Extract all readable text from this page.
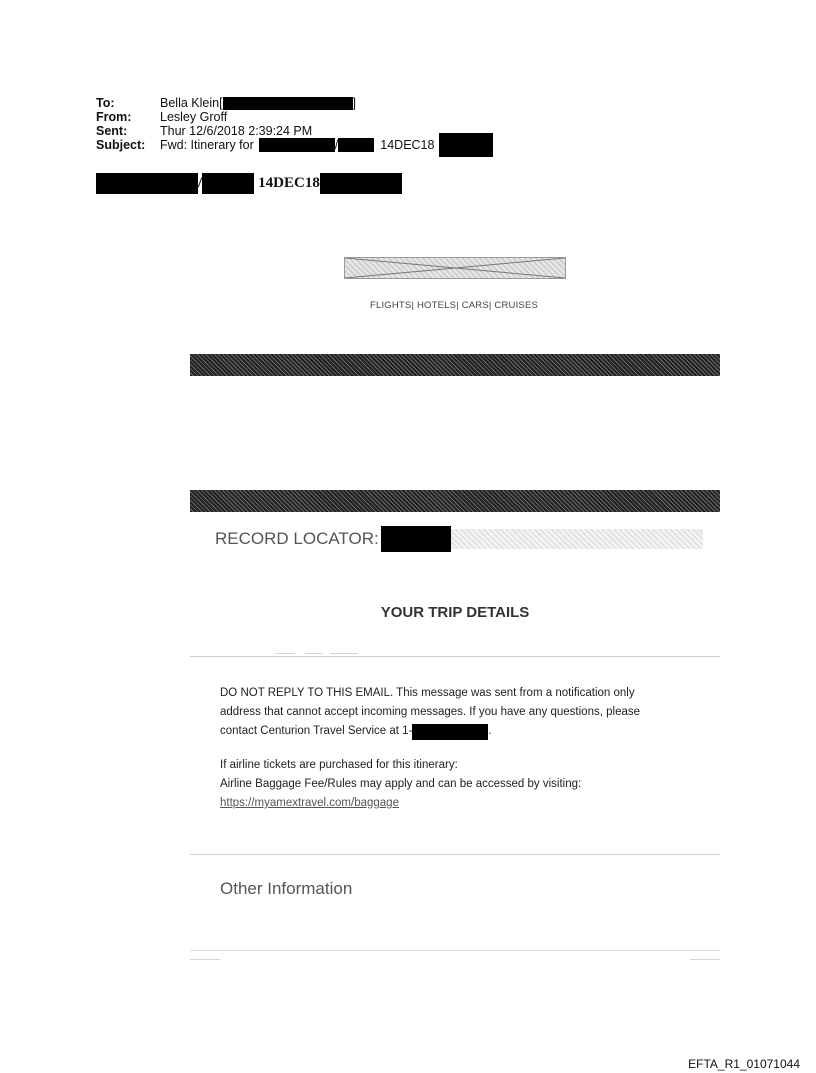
To:	Bella Klein[	]
From:	Lesley Groff
Sent:	Thur 12/6/2018 2:39:24 PM
Subject:	Fwd: Itinerary for	/	14DEC18
/	14DEC18
FLIGHTS| HOTELS| CARS| CRUISES
RECORD LOCATOR:
YOUR TRIP DETAILS

DO NOT REPLY TO THIS EMAIL. This message was sent from a notification only
address that cannot accept incoming messages. If you have any questions, please
contact Centurion Travel Service at 1-	.

If airline tickets are purchased for this itinerary:
Airline Baggage Fee/Rules may apply and can be accessed by visiting:
https://myamextravel.com/baggage

Other Information
EFTA_R1_01071044
